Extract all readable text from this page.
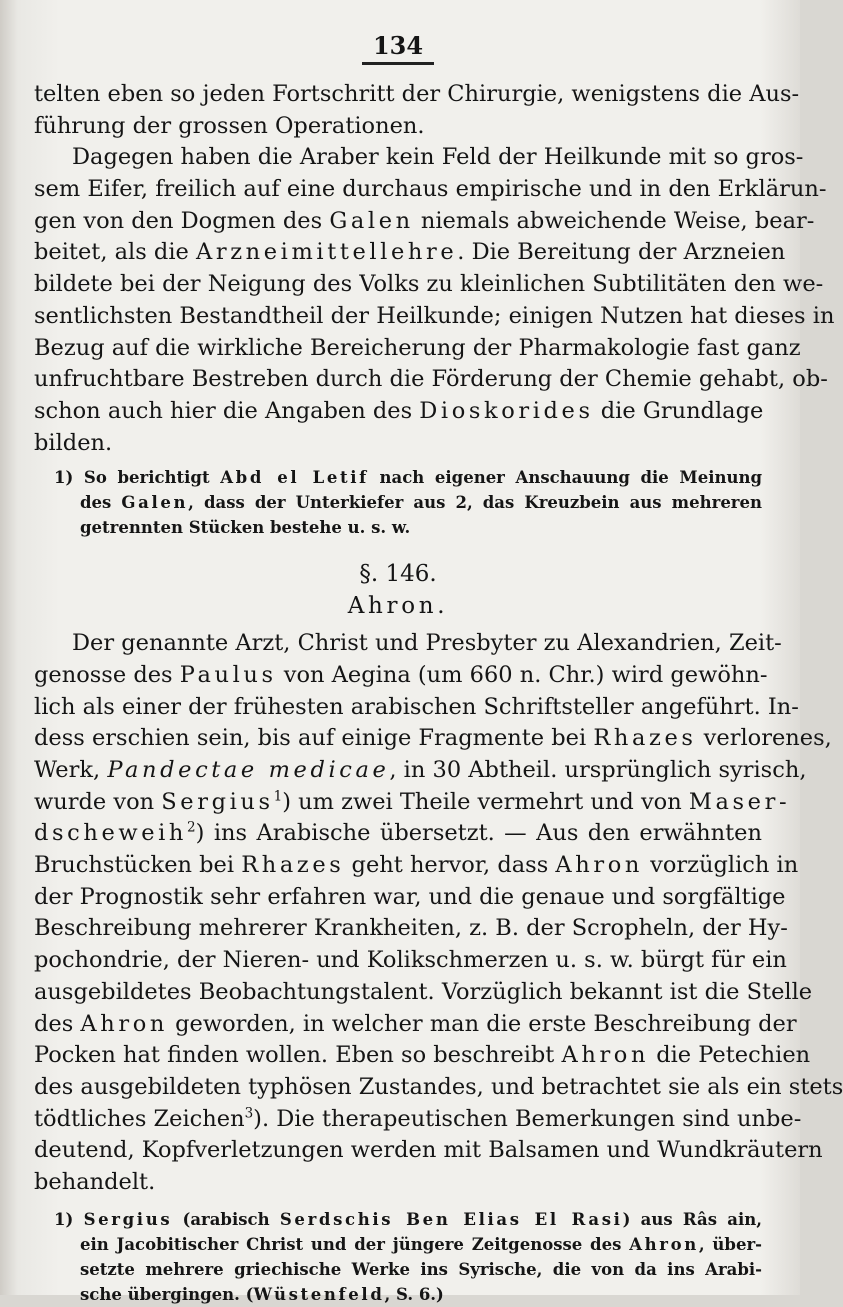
134
telten eben so jeden Fortschritt der Chirurgie, wenigstens die Aus-
führung der grossen Operationen.
Dagegen haben die Araber kein Feld der Heilkunde mit so gros-
sem Eifer, freilich auf eine durchaus empirische und in den Erklärun-
gen von den Dogmen des Galen niemals abweichende Weise, bear-
beitet, als die Arzneimittellehre. Die Bereitung der Arzneien
bildete bei der Neigung des Volks zu kleinlichen Subtilitäten den we-
sentlichsten Bestandtheil der Heilkunde; einigen Nutzen hat dieses in
Bezug auf die wirkliche Bereicherung der Pharmakologie fast ganz
unfruchtbare Bestreben durch die Förderung der Chemie gehabt, ob-
schon auch hier die Angaben des Dioskorides die Grundlage
bilden.
1) So berichtigt Abd el Letif nach eigener Anschauung die Meinung
des Galen, dass der Unterkiefer aus 2, das Kreuzbein aus mehreren
getrennten Stücken bestehe u. s. w.
§. 146.
Ahron.
Der genannte Arzt, Christ und Presbyter zu Alexandrien, Zeit-
genosse des Paulus von Aegina (um 660 n. Chr.) wird gewöhn-
lich als einer der frühesten arabischen Schriftsteller angeführt. In-
dess erschien sein, bis auf einige Fragmente bei Rhazes verlorenes,
Werk, Pandectae medicae, in 30 Abtheil. ursprünglich syrisch,
wurde von Sergius$^1$) um zwei Theile vermehrt und von Maser-
dscheweih$^2$) ins Arabische übersetzt. — Aus den erwähnten
Bruchstücken bei Rhazes geht hervor, dass Ahron vorzüglich in
der Prognostik sehr erfahren war, und die genaue und sorgfältige
Beschreibung mehrerer Krankheiten, z. B. der Scropheln, der Hy-
pochondrie, der Nieren- und Kolikschmerzen u. s. w. bürgt für ein
ausgebildetes Beobachtungstalent. Vorzüglich bekannt ist die Stelle
des Ahron geworden, in welcher man die erste Beschreibung der
Pocken hat finden wollen. Eben so beschreibt Ahron die Petechien
des ausgebildeten typhösen Zustandes, und betrachtet sie als ein stets
tödtliches Zeichen$^3$). Die therapeutischen Bemerkungen sind unbe-
deutend, Kopfverletzungen werden mit Balsamen und Wundkräutern
behandelt.
1) Sergius (arabisch Serdschis Ben Elias El Rasi) aus Râs ain,
ein Jacobitischer Christ und der jüngere Zeitgenosse des Ahron, über-
setzte mehrere griechische Werke ins Syrische, die von da ins Arabi-
sche übergingen. (Wüstenfeld, S. 6.)
